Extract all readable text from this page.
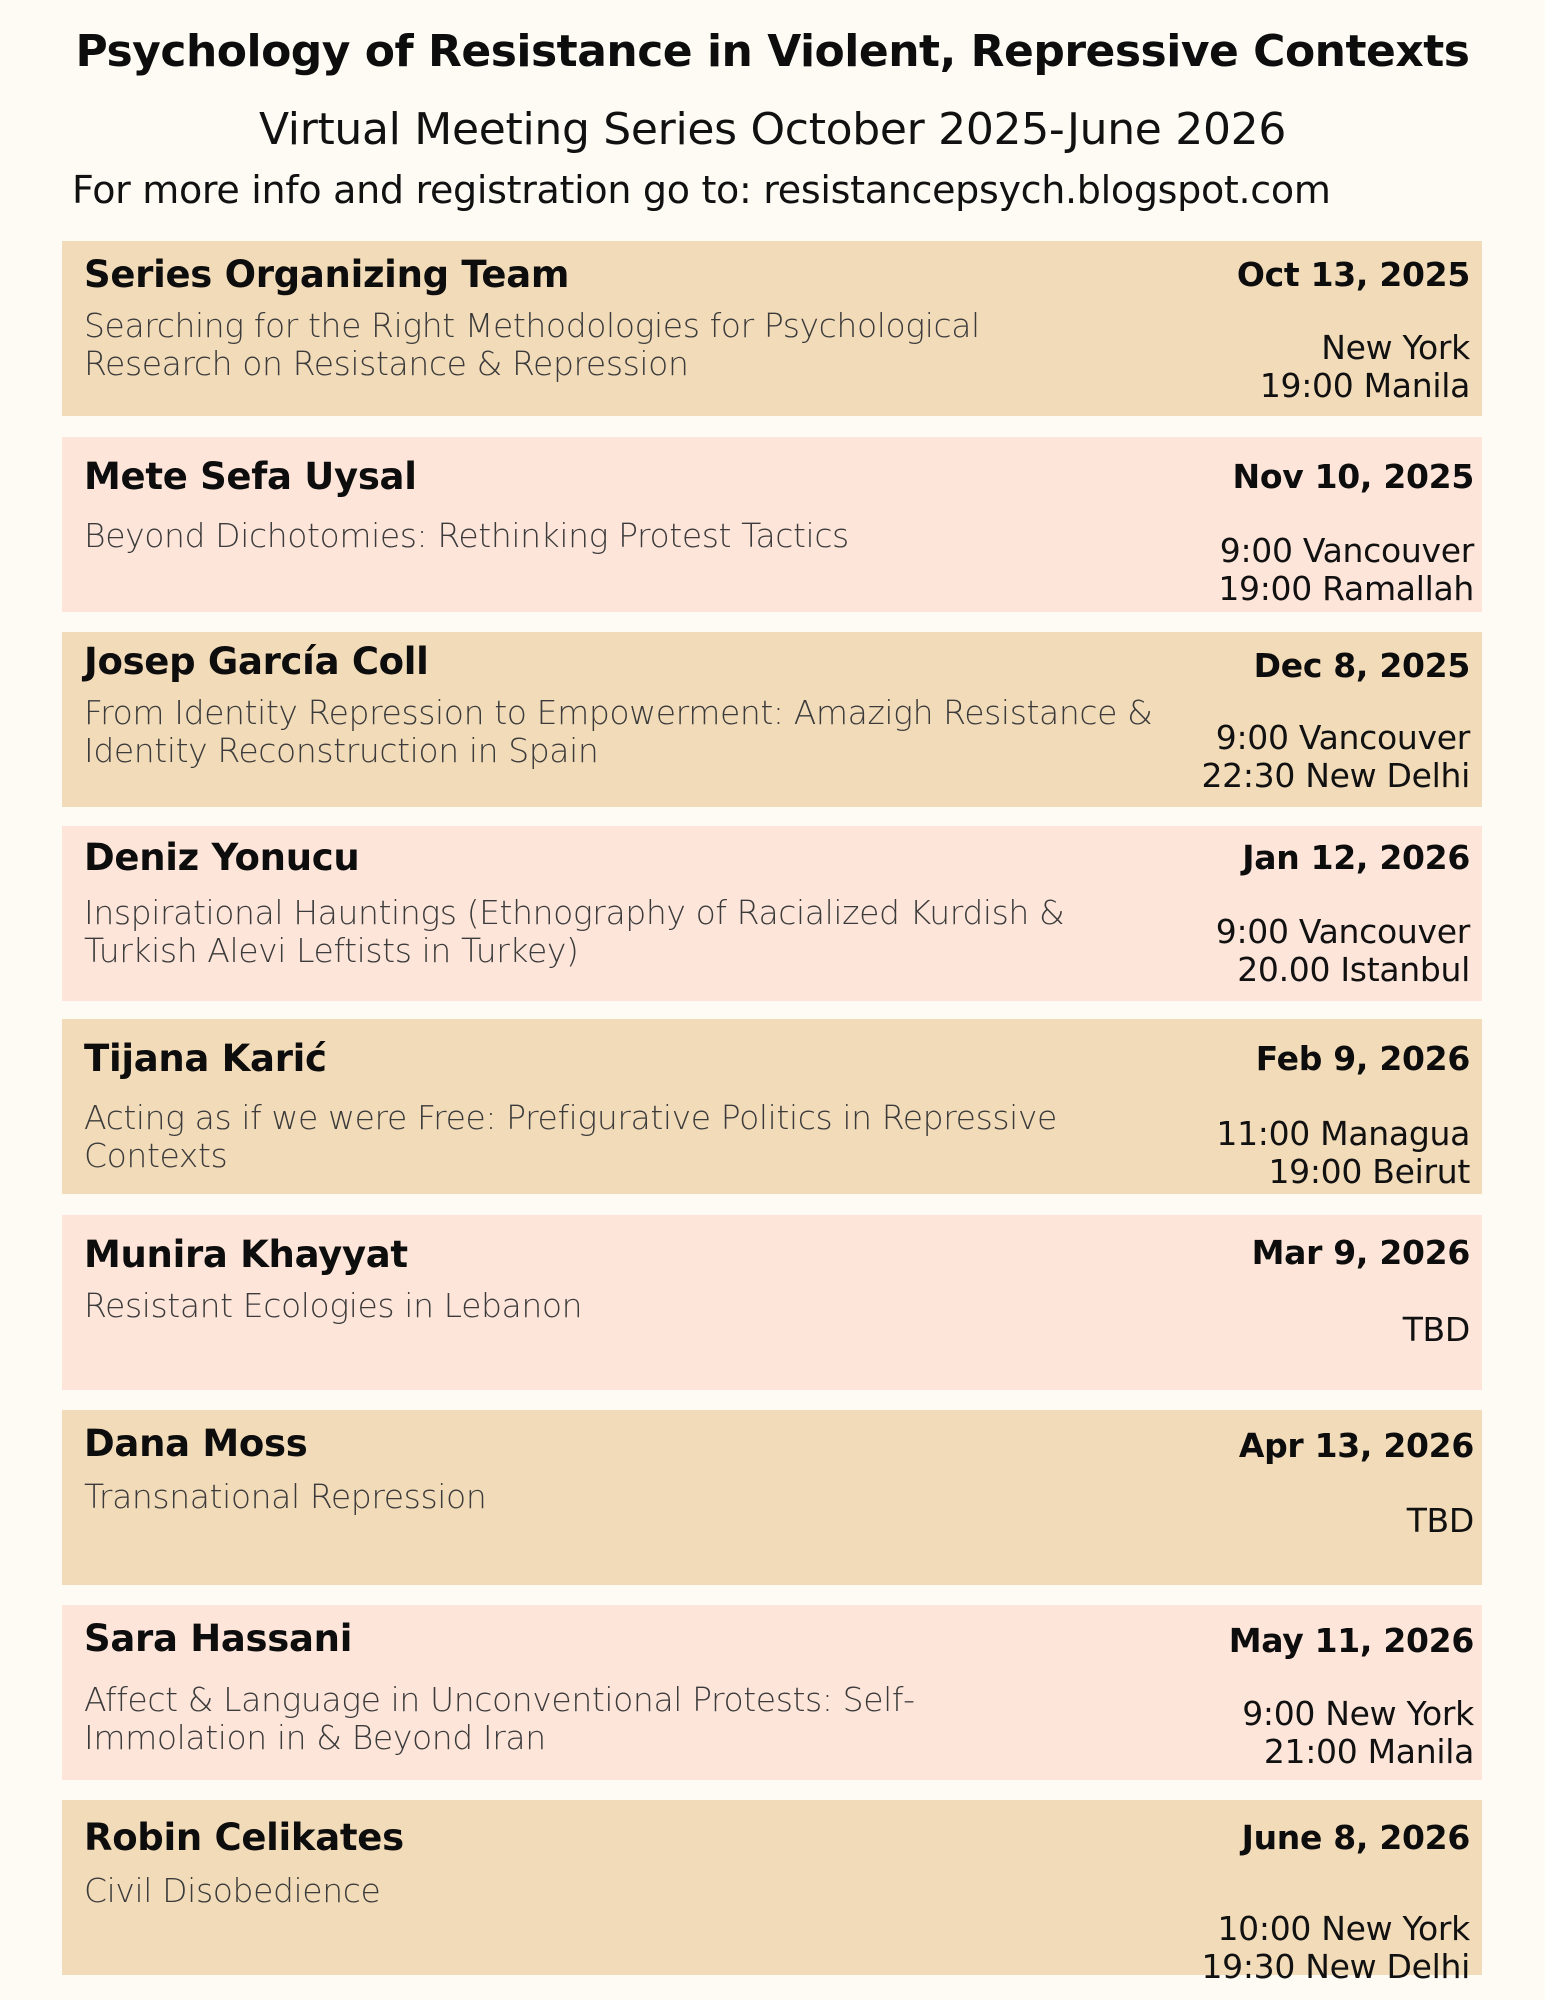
Psychology of Resistance in Violent, Repressive Contexts
Virtual Meeting Series October 2025-June 2026
For more info and registration go to: resistancepsych.blogspot.com
Series Organizing Team
Searching for the Right Methodologies for Psychological Research on Resistance & Repression
Oct 13, 2025
New York
19:00 Manila
Mete Sefa Uysal
Beyond Dichotomies: Rethinking Protest Tactics
Nov 10, 2025
9:00 Vancouver
19:00 Ramallah
Josep García Coll
From Identity Repression to Empowerment: Amazigh Resistance & Identity Reconstruction in Spain
Dec 8, 2025
9:00 Vancouver
22:30 New Delhi
Deniz Yonucu
Inspirational Hauntings (Ethnography of Racialized Kurdish & Turkish Alevi Leftists in Turkey)
Jan 12, 2026
9:00 Vancouver
20.00 Istanbul
Tijana Karić
Acting as if we were Free: Prefigurative Politics in Repressive Contexts
Feb 9, 2026
11:00 Managua
19:00 Beirut
Munira Khayyat
Resistant Ecologies in Lebanon
Mar 9, 2026
TBD
Dana Moss
Transnational Repression
Apr 13, 2026
TBD
Sara Hassani
Affect & Language in Unconventional Protests: Self-Immolation in & Beyond Iran
May 11, 2026
9:00 New York
21:00 Manila
Robin Celikates
Civil Disobedience
June 8, 2026
10:00 New York
19:30 New Delhi
